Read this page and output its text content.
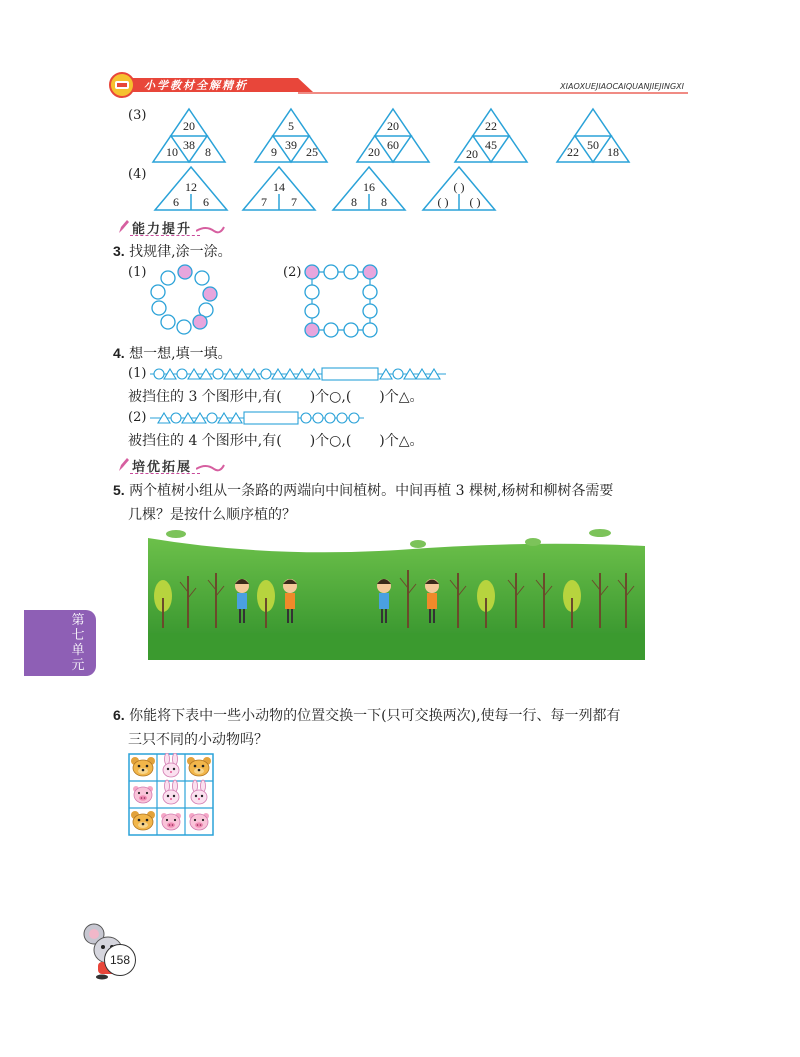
小学教材全解精析	XIAOXUEJIAOCAIQUANJIEJINGXI
(3)
20
38
10 8
5
39
9 25
20
60
20
22
45
20
50
22 18
(4)
12
6 6
14
7 7
16
8 8
( )
( ) ( )
能力提升
3. 找规律,涂一涂。
(1)	(2)
4. 想一想,填一填。
(1)
被挡住的 3 个图形中,有(　　)个○,(　　)个△。
(2)
被挡住的 4 个图形中,有(　　)个○,(　　)个△。
培优拓展
5. 两个植树小组从一条路的两端向中间植树。中间再植 3 棵树,杨树和柳树各需要
几棵？是按什么顺序植的？
第七
单元
6. 你能将下表中一些小动物的位置交换一下(只可交换两次),使每一行、每一列都有
三只不同的小动物吗？
158
